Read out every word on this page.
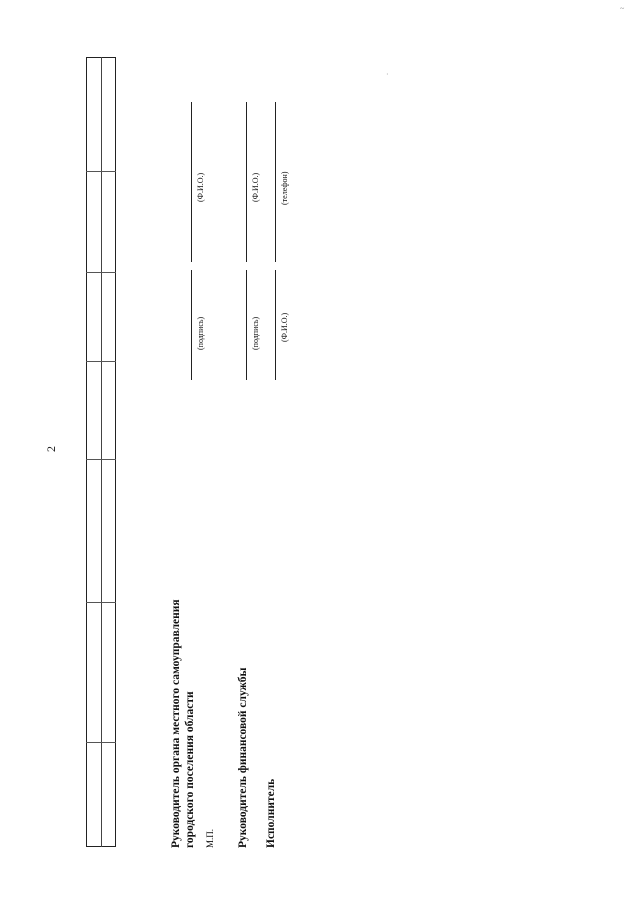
2
Руководитель органа местного самоуправления городского поселения области М.П.
(подпись)
(Ф.И.О.)
Руководитель финансовой службы
(подпись)
(Ф.И.О.)
Исполнитель
(Ф.И.О.)
(телефон)
·
~
